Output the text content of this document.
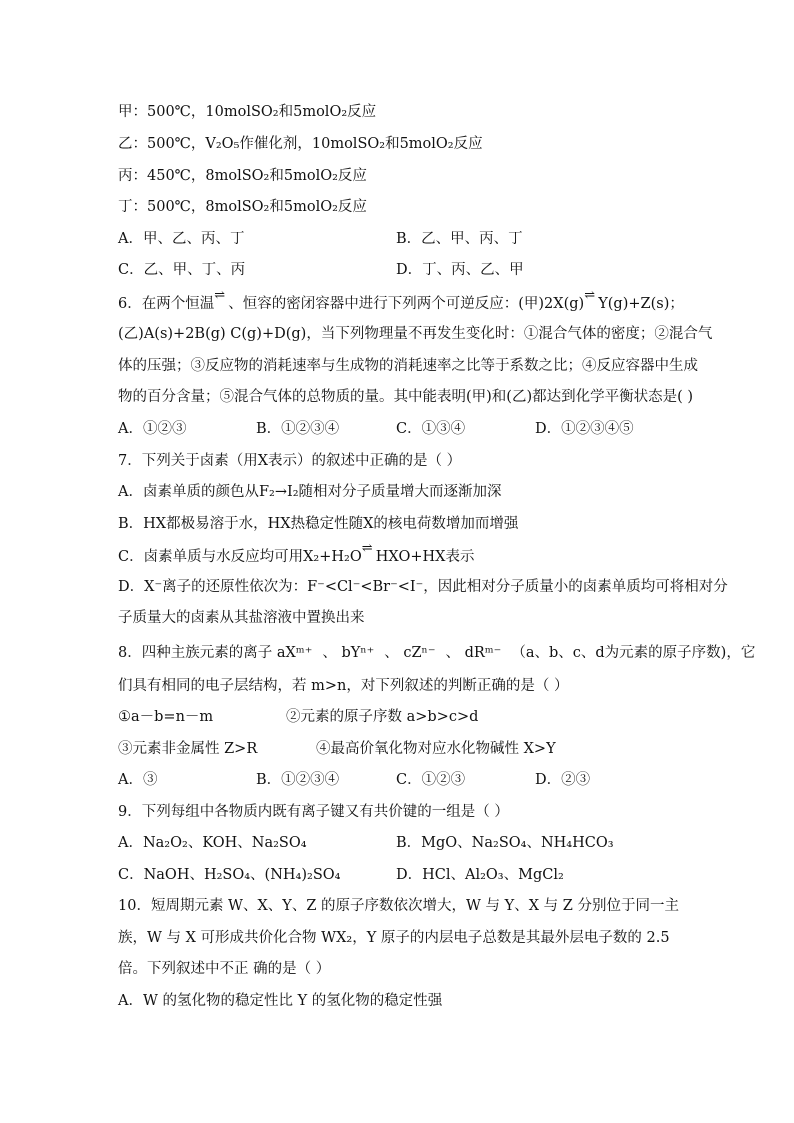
甲：500℃，10molSO₂和5molO₂反应
乙：500℃，V₂O₅作催化剂，10molSO₂和5molO₂反应
丙：450℃，8molSO₂和5molO₂反应
丁：500℃，8molSO₂和5molO₂反应
A．甲、乙、丙、丁	B．乙、甲、丙、丁
C．乙、甲、丁、丙	D．丁、丙、乙、甲
6．在两个恒温 ⇌ 、恒容的密闭容器中进行下列两个可逆反应：(甲)2X(g) ⇌ Y(g)+Z(s)；
(乙)A(s)+2B(g) C(g)+D(g)，当下列物理量不再发生变化时：①混合气体的密度；②混合气
体的压强；③反应物的消耗速率与生成物的消耗速率之比等于系数之比；④反应容器中生成
物的百分含量；⑤混合气体的总物质的量。其中能表明(甲)和(乙)都达到化学平衡状态是( )
A．①②③	B．①②③④	C．①③④	D．①②③④⑤
7．下列关于卤素（用X表示）的叙述中正确的是（ ）
A．卤素单质的颜色从F₂→I₂随相对分子质量增大而逐渐加深
B．HX都极易溶于水，HX热稳定性随X的核电荷数增加而增强
C．卤素单质与水反应均可用X₂+H₂O ⇌ HXO+HX表示
D．X⁻离子的还原性依次为：F⁻<Cl⁻<Br⁻<I⁻，因此相对分子质量小的卤素单质均可将相对分
子质量大的卤素从其盐溶液中置换出来
8．四种主族元素的离子 aXᵐ⁺ 、 bYⁿ⁺ 、 cZⁿ⁻ 、 dRᵐ⁻ （a、b、c、d为元素的原子序数)，它
们具有相同的电子层结构，若 m>n，对下列叙述的判断正确的是（ ）
①a－b=n－m	②元素的原子序数 a>b>c>d
③元素非金属性 Z>R	④最高价氧化物对应水化物碱性 X>Y
A．③	B．①②③④	C．①②③	D．②③
9．下列每组中各物质内既有离子键又有共价键的一组是（ ）
A．Na₂O₂、KOH、Na₂SO₄	B．MgO、Na₂SO₄、NH₄HCO₃
C．NaOH、H₂SO₄、(NH₄)₂SO₄	D．HCl、Al₂O₃、MgCl₂
10．短周期元素 W、X、Y、Z 的原子序数依次增大，W 与 Y、X 与 Z 分别位于同一主
族，W 与 X 可形成共价化合物 WX₂，Y 原子的内层电子总数是其最外层电子数的 2.5
倍。下列叙述中不正 确的是（ ）
A．W 的氢化物的稳定性比 Y 的氢化物的稳定性强
